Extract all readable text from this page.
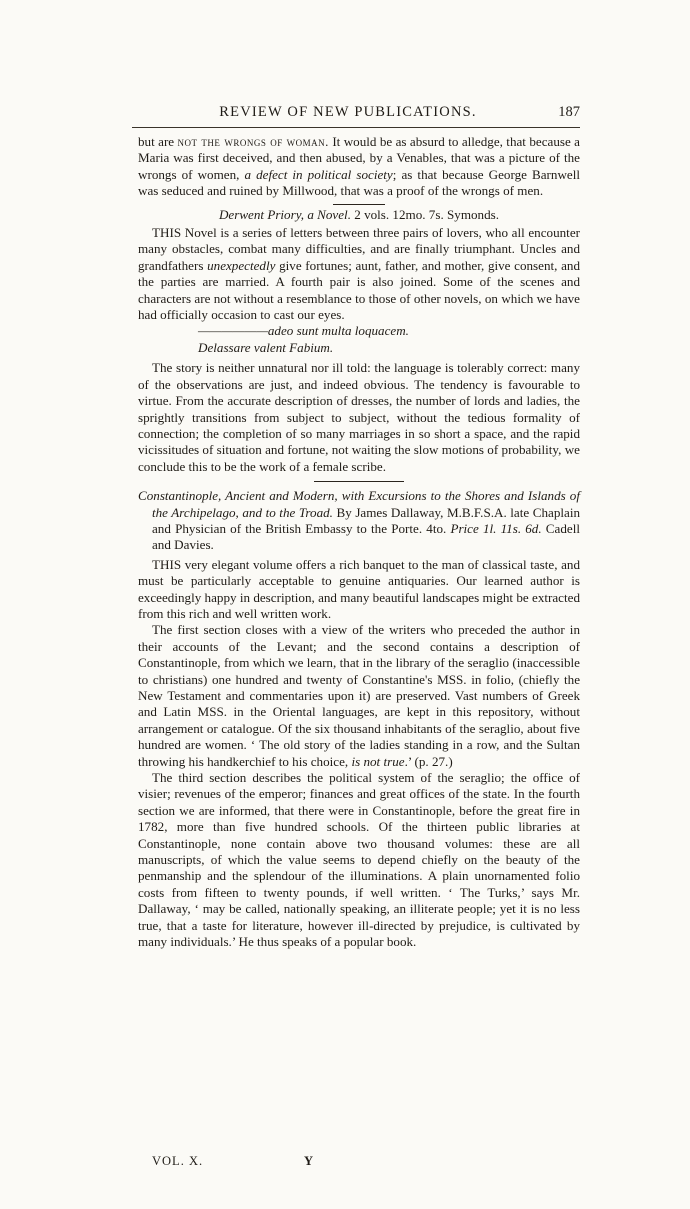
REVIEW OF NEW PUBLICATIONS.	187

but are not the wrongs of woman. It would be as absurd to alledge, that because a Maria was first deceived, and then abused, by a Venables, that was a picture of the wrongs of women, a defect in political society; as that because George Barnwell was seduced and ruined by Millwood, that was a proof of the wrongs of men.

Derwent Priory, a Novel. 2 vols. 12mo. 7s. Symonds.

THIS Novel is a series of letters between three pairs of lovers, who all encounter many obstacles, combat many difficulties, and are finally triumphant. Uncles and grandfathers unexpectedly give fortunes; aunt, father, and mother, give consent, and the parties are married. A fourth pair is also joined. Some of the scenes and characters are not without a resemblance to those of other novels, on which we have had officially occasion to cast our eyes.

——————adeo sunt multa loquacem.

Delassare valent Fabium.

The story is neither unnatural nor ill told: the language is tolerably correct: many of the observations are just, and indeed obvious. The tendency is favourable to virtue. From the accurate description of dresses, the number of lords and ladies, the sprightly transitions from subject to subject, without the tedious formality of connection; the completion of so many marriages in so short a space, and the rapid vicissitudes of situation and fortune, not waiting the slow motions of probability, we conclude this to be the work of a female scribe.

Constantinople, Ancient and Modern, with Excursions to the Shores and Islands of the Archipelago, and to the Troad. By James Dallaway, M.B.F.S.A. late Chaplain and Physician of the British Embassy to the Porte. 4to. Price 1l. 11s. 6d. Cadell and Davies.

THIS very elegant volume offers a rich banquet to the man of classical taste, and must be particularly acceptable to genuine antiquaries. Our learned author is exceedingly happy in description, and many beautiful landscapes might be extracted from this rich and well written work.

The first section closes with a view of the writers who preceded the author in their accounts of the Levant; and the second contains a description of Constantinople, from which we learn, that in the library of the seraglio (inaccessible to christians) one hundred and twenty of Constantine's MSS. in folio, (chiefly the New Testament and commentaries upon it) are preserved. Vast numbers of Greek and Latin MSS. in the Oriental languages, are kept in this repository, without arrangement or catalogue. Of the six thousand inhabitants of the seraglio, about five hundred are women. ‘ The old story of the ladies standing in a row, and the Sultan throwing his handkerchief to his choice, is not true.’ (p. 27.)

The third section describes the political system of the seraglio; the office of visier; revenues of the emperor; finances and great offices of the state. In the fourth section we are informed, that there were in Constantinople, before the great fire in 1782, more than five hundred schools. Of the thirteen public libraries at Constantinople, none contain above two thousand volumes: these are all manuscripts, of which the value seems to depend chiefly on the beauty of the penmanship and the splendour of the illuminations. A plain unornamented folio costs from fifteen to twenty pounds, if well written. ‘ The Turks,’ says Mr. Dallaway, ‘ may be called, nationally speaking, an illiterate people; yet it is no less true, that a taste for literature, however ill-directed by prejudice, is cultivated by many individuals.’ He thus speaks of a popular book.

VOL. X.	Y
